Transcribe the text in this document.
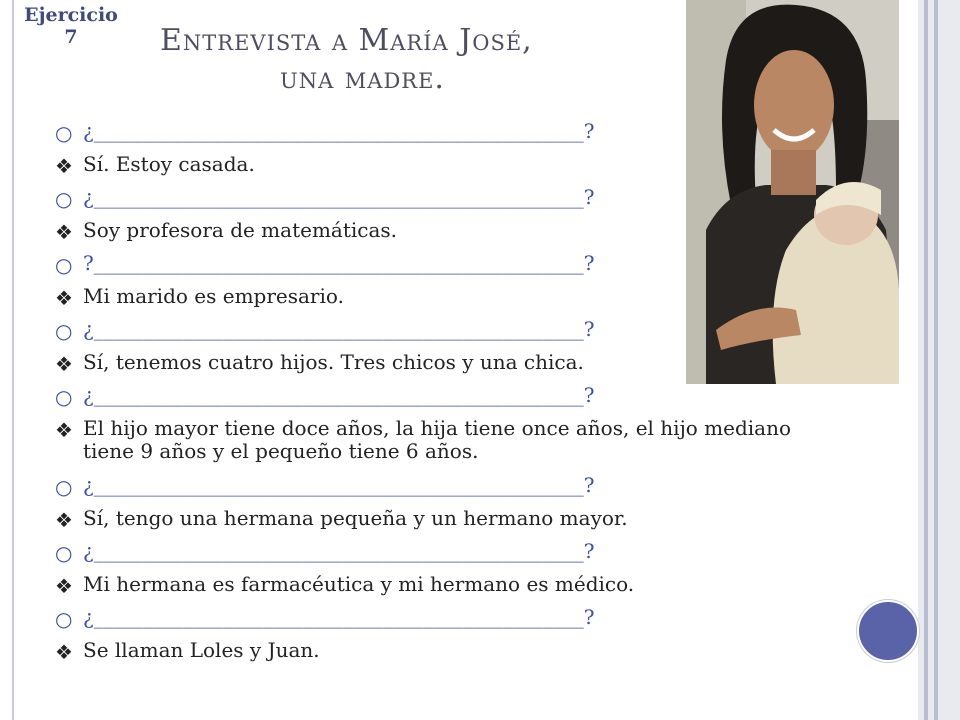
Ejercicio
7	Entrevista a María José,
una madre.
○ ¿_________________________________________________?
❖ Sí. Estoy casada.
○ ¿_________________________________________________?
❖ Soy profesora de matemáticas.
○ ?_________________________________________________?
❖ Mi marido es empresario.
○ ¿_________________________________________________?
❖ Sí, tenemos cuatro hijos. Tres chicos y una chica.
○ ¿_________________________________________________?
❖ El hijo mayor tiene doce años, la hija tiene once años, el hijo mediano tiene 9 años y el pequeño tiene 6 años.
○ ¿_________________________________________________?
❖ Sí, tengo una hermana pequeña y un hermano mayor.
○ ¿_________________________________________________?
❖ Mi hermana es farmacéutica y mi hermano es médico.
○ ¿_________________________________________________?
❖ Se llaman Loles y Juan.
